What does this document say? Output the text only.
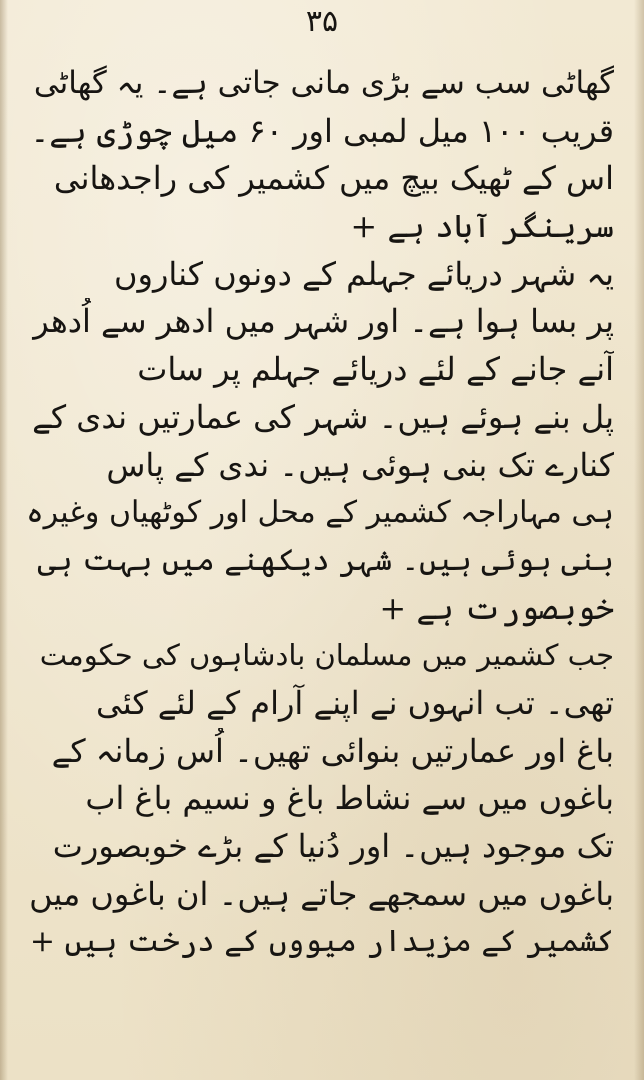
۳۵
گھاٹی سب سے بڑی مانی جاتی ہے۔ یہ گھاٹی
قریب ۱۰۰ میل لمبی اور ۶۰ میل چوڑی ہے۔
اس کے ٹھیک بیچ میں کشمیر کی راجدھانی
سرینگر آباد ہے +
یہ شہر دریائے جہلم کے دونوں کناروں
پر بسا ہوا ہے۔ اور شہر میں ادھر سے اُدھر
آنے جانے کے لئے دریائے جہلم پر سات
پل بنے ہوئے ہیں۔ شہر کی عمارتیں ندی کے
کنارے تک بنی ہوئی ہیں۔ ندی کے پاس
ہی مہاراجہ کشمیر کے محل اور کوٹھیاں وغیرہ
بنی ہوئی ہیں۔ شہر دیکھنے میں بہت ہی
خوبصورت ہے +
جب کشمیر میں مسلمان بادشاہوں کی حکومت
تھی۔ تب انہوں نے اپنے آرام کے لئے کئی
باغ اور عمارتیں بنوائی تھیں۔ اُس زمانہ کے
باغوں میں سے نشاط باغ و نسیم باغ اب
تک موجود ہیں۔ اور دُنیا کے بڑے خوبصورت
باغوں میں سمجھے جاتے ہیں۔ ان باغوں میں
کشمیر کے مزیدار میووں کے درخت ہیں +
